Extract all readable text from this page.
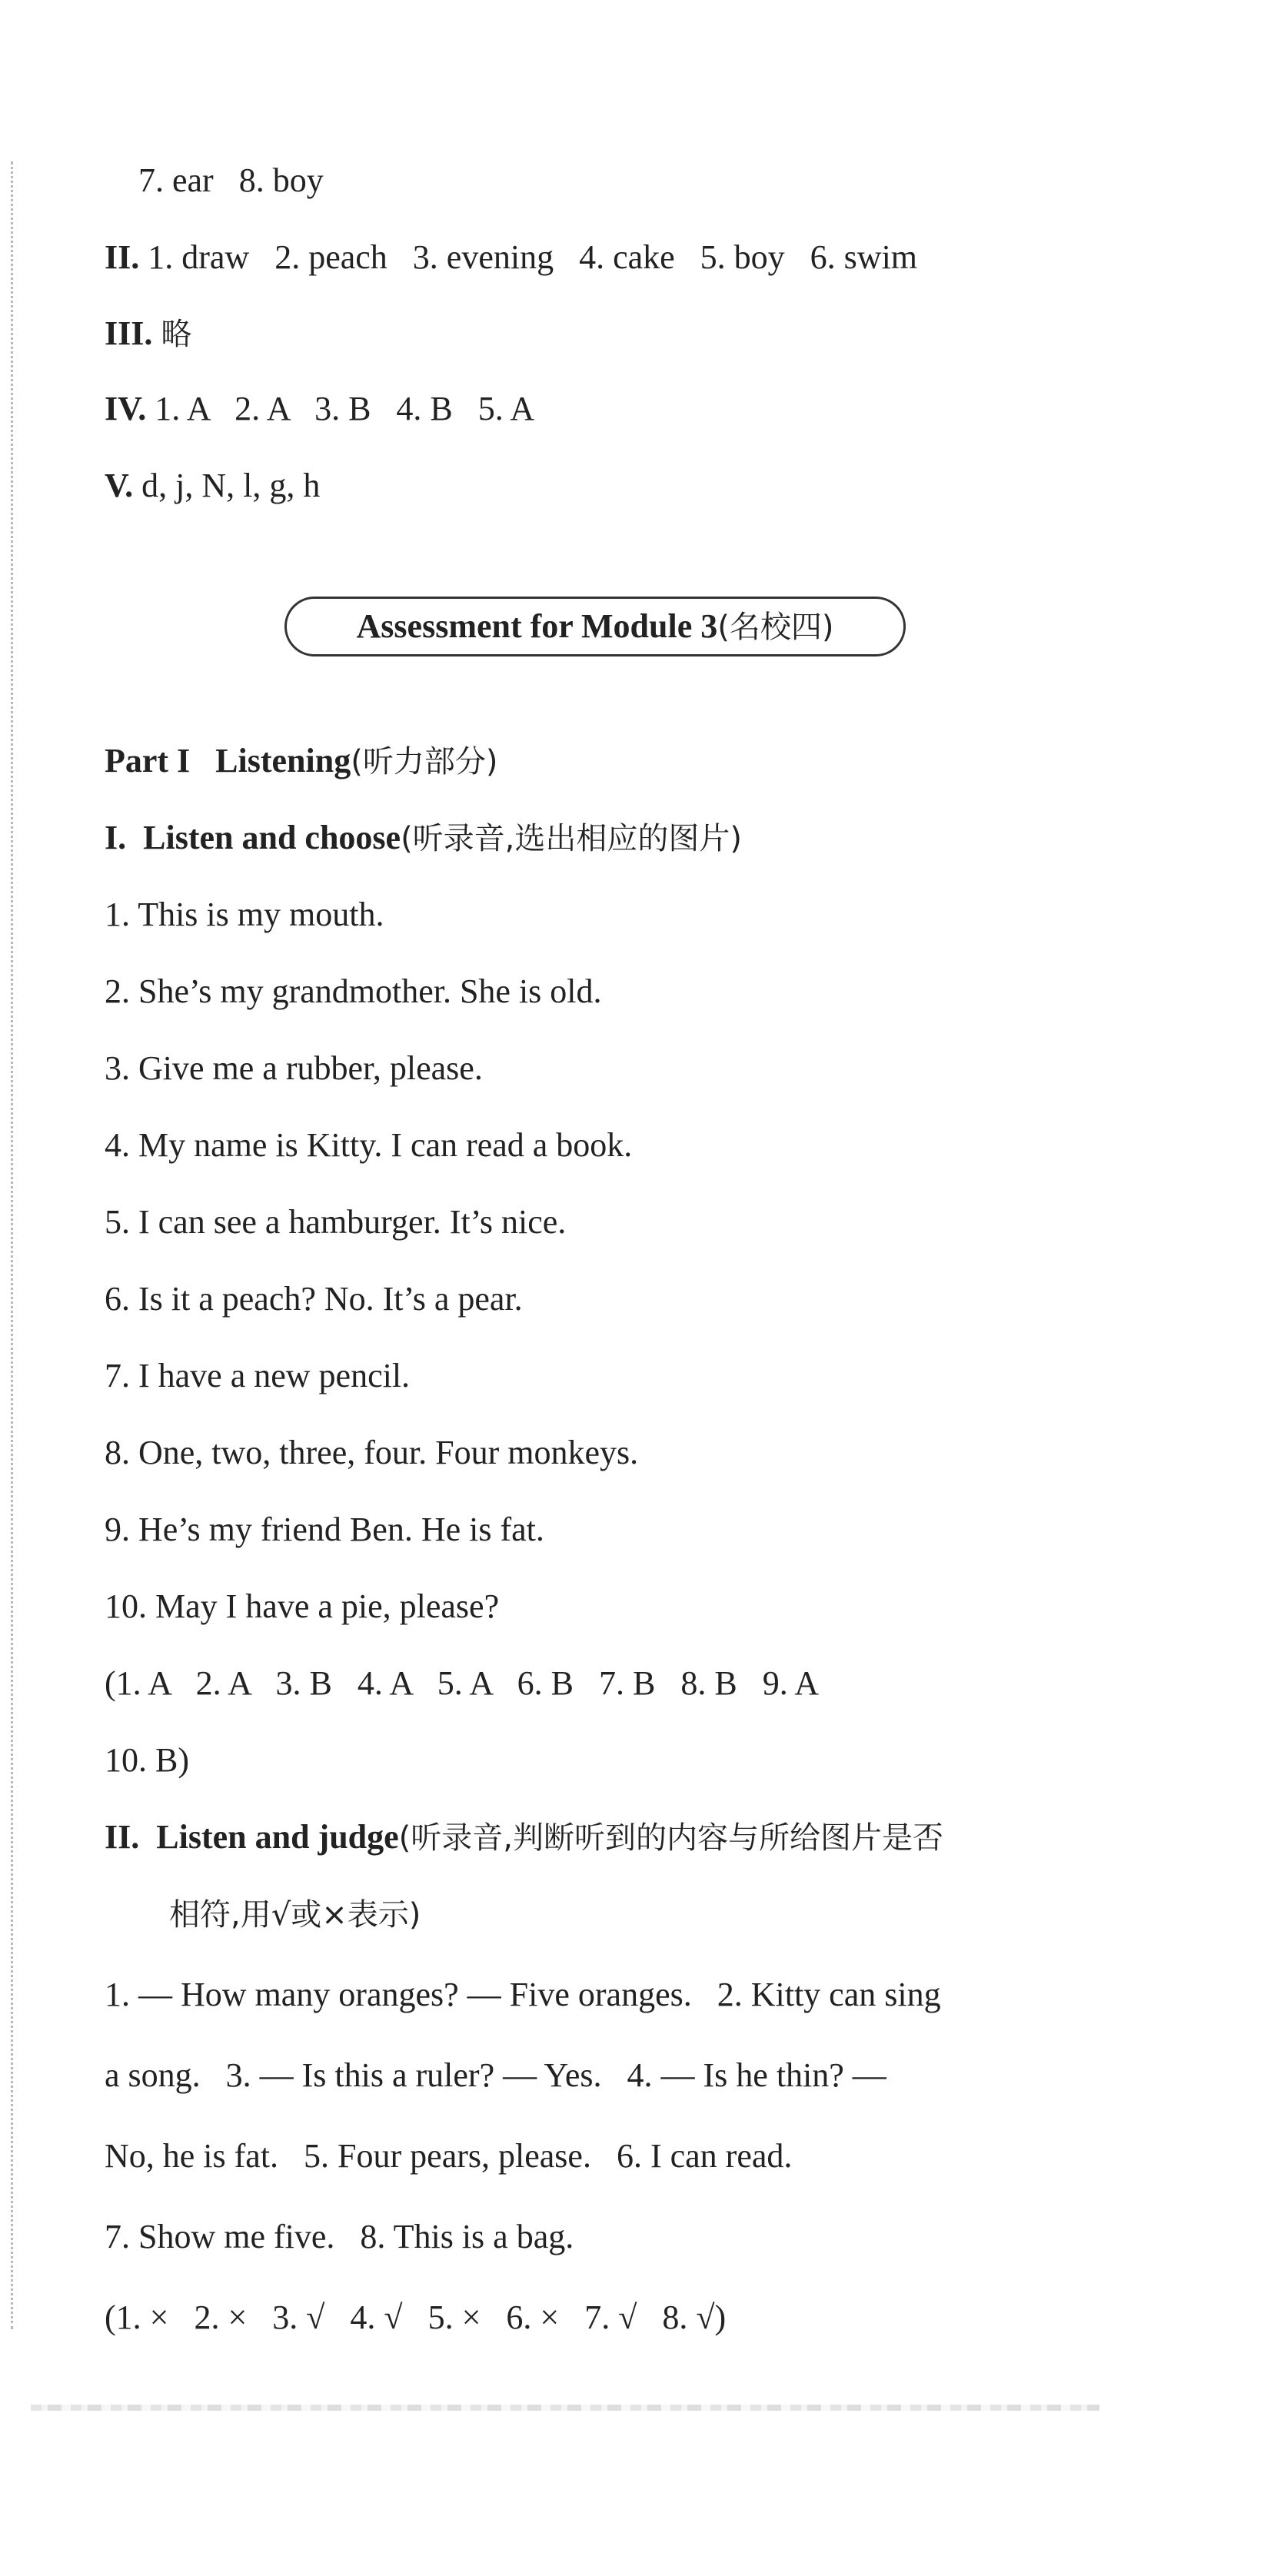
7. ear   8. boy
II. 1. draw   2. peach   3. evening   4. cake   5. boy   6. swim
III. 略
IV. 1. A   2. A   3. B   4. B   5. A
V. d, j, N, l, g, h
Assessment for Module 3(名校四)
Part I   Listening(听力部分)
I.  Listen and choose(听录音,选出相应的图片)
1. This is my mouth.
2. She’s my grandmother. She is old.
3. Give me a rubber, please.
4. My name is Kitty. I can read a book.
5. I can see a hamburger. It’s nice.
6. Is it a peach? No. It’s a pear.
7. I have a new pencil.
8. One, two, three, four. Four monkeys.
9. He’s my friend Ben. He is fat.
10. May I have a pie, please?
(1. A   2. A   3. B   4. A   5. A   6. B   7. B   8. B   9. A
10. B)
II.  Listen and judge(听录音,判断听到的内容与所给图片是否
相符,用√或×表示)
1. — How many oranges? — Five oranges.   2. Kitty can sing
a song.   3. — Is this a ruler? — Yes.   4. — Is he thin? —
No, he is fat.   5. Four pears, please.   6. I can read.
7. Show me five.   8. This is a bag.
(1. ×   2. ×   3. √   4. √   5. ×   6. ×   7. √   8. √)
